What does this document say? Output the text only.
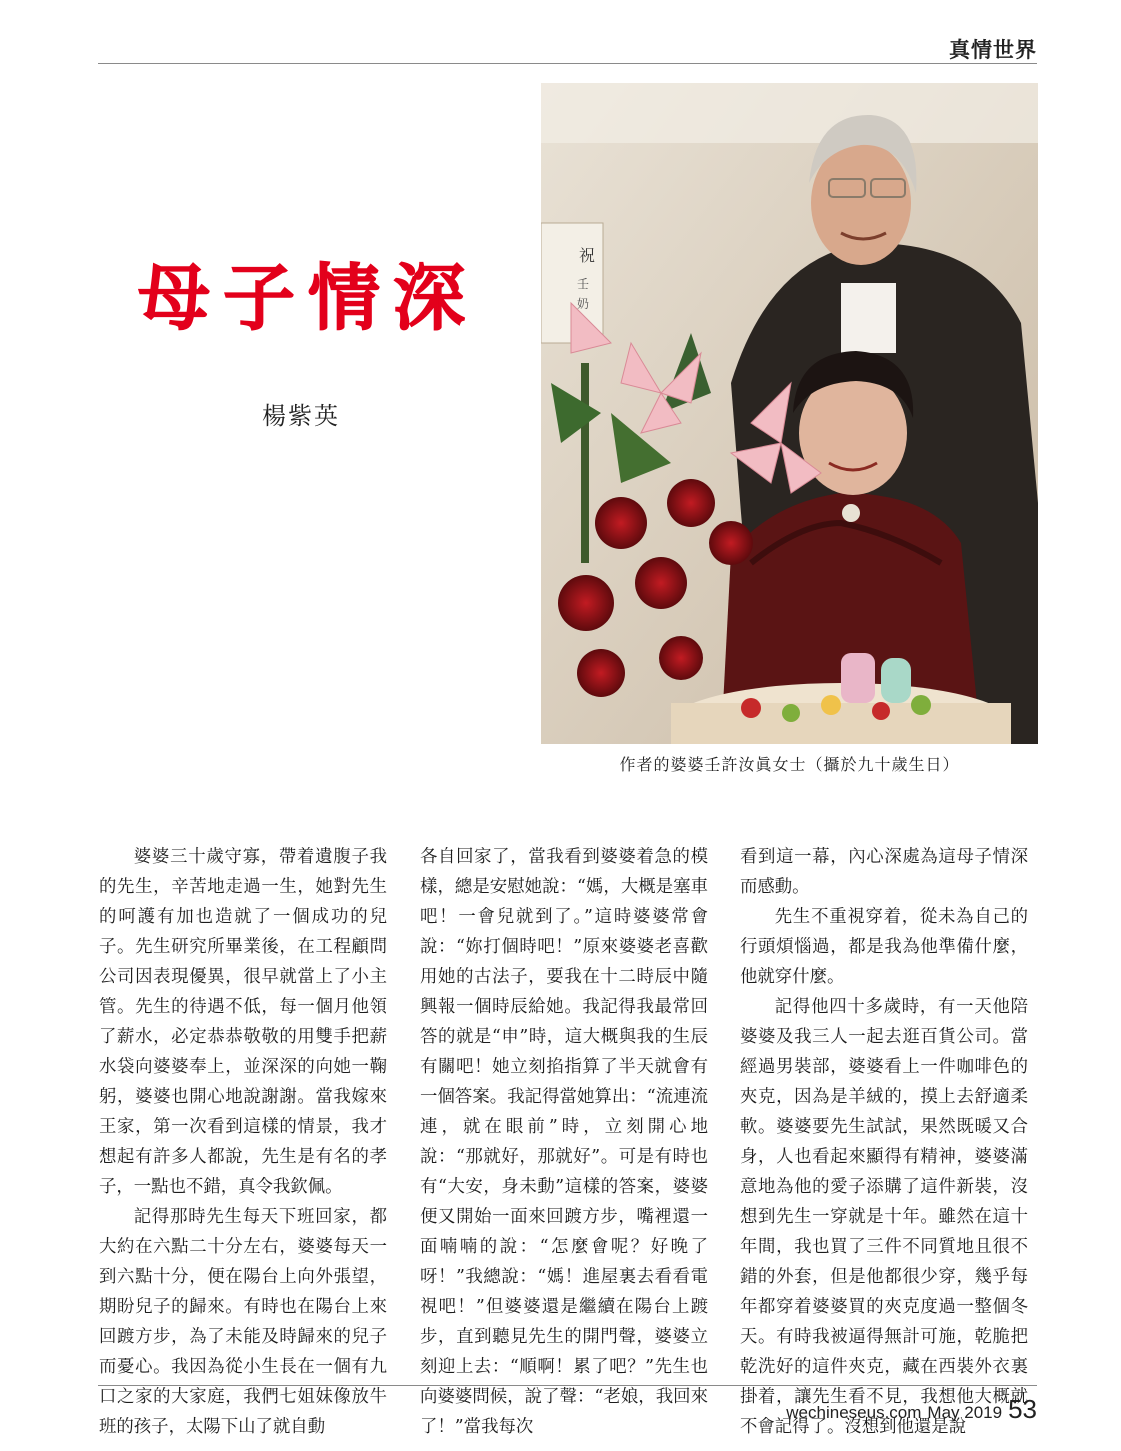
真情世界
母子情深
楊紫英
祝
壬
奶
作者的婆婆壬許汝眞女士（攝於九十歲生日）

婆婆三十歲守寡，帶着遺腹子我的先生，辛苦地走過一生，她對先生的呵護有加也造就了一個成功的兒子。先生研究所畢業後，在工程顧問公司因表現優異，很早就當上了小主管。先生的待遇不低，每一個月他領了薪水，必定恭恭敬敬的用雙手把薪水袋向婆婆奉上，並深深的向她一鞠躬，婆婆也開心地說謝謝。當我嫁來王家，第一次看到這樣的情景，我才想起有許多人都說，先生是有名的孝子，一點也不錯，真令我欽佩。

記得那時先生每天下班回家，都大約在六點二十分左右，婆婆每天一到六點十分，便在陽台上向外張望，期盼兒子的歸來。有時也在陽台上來回踱方步，為了未能及時歸來的兒子而憂心。我因為從小生長在一個有九口之家的大家庭，我們七姐妹像放牛班的孩子，太陽下山了就自動

各自回家了，當我看到婆婆着急的模樣，總是安慰她說：“媽，大概是塞車吧！一會兒就到了。”這時婆婆常會說：“妳打個時吧！”原來婆婆老喜歡用她的古法子，要我在十二時辰中隨興報一個時辰給她。我記得我最常回答的就是“申”時，這大概與我的生辰有關吧！她立刻掐指算了半天就會有一個答案。我記得當她算出：“流連流連，就在眼前”時，立刻開心地說：“那就好，那就好”。可是有時也有“大安，身未動”這樣的答案，婆婆便又開始一面來回踱方步，嘴裡還一面喃喃的說：“怎麼會呢？好晚了呀！”我總說：“媽！進屋裏去看看電視吧！”但婆婆還是繼續在陽台上踱步，直到聽見先生的開門聲，婆婆立刻迎上去：“順啊！累了吧？”先生也向婆婆問候，說了聲：“老娘，我回來了！”當我每次

看到這一幕，內心深處為這母子情深而感動。

先生不重視穿着，從未為自己的行頭煩惱過，都是我為他準備什麼，他就穿什麼。

記得他四十多歲時，有一天他陪婆婆及我三人一起去逛百貨公司。當經過男裝部，婆婆看上一件咖啡色的夾克，因為是羊絨的，摸上去舒適柔軟。婆婆要先生試試，果然既暖又合身，人也看起來顯得有精神，婆婆滿意地為他的愛子添購了這件新裝，沒想到先生一穿就是十年。雖然在這十年間，我也買了三件不同質地且很不錯的外套，但是他都很少穿，幾乎每年都穿着婆婆買的夾克度過一整個冬天。有時我被逼得無計可施，乾脆把乾洗好的這件夾克，藏在西裝外衣裏掛着，讓先生看不見，我想他大概就不會記得了。沒想到他還是說

wechineseus.com May 2019 53
